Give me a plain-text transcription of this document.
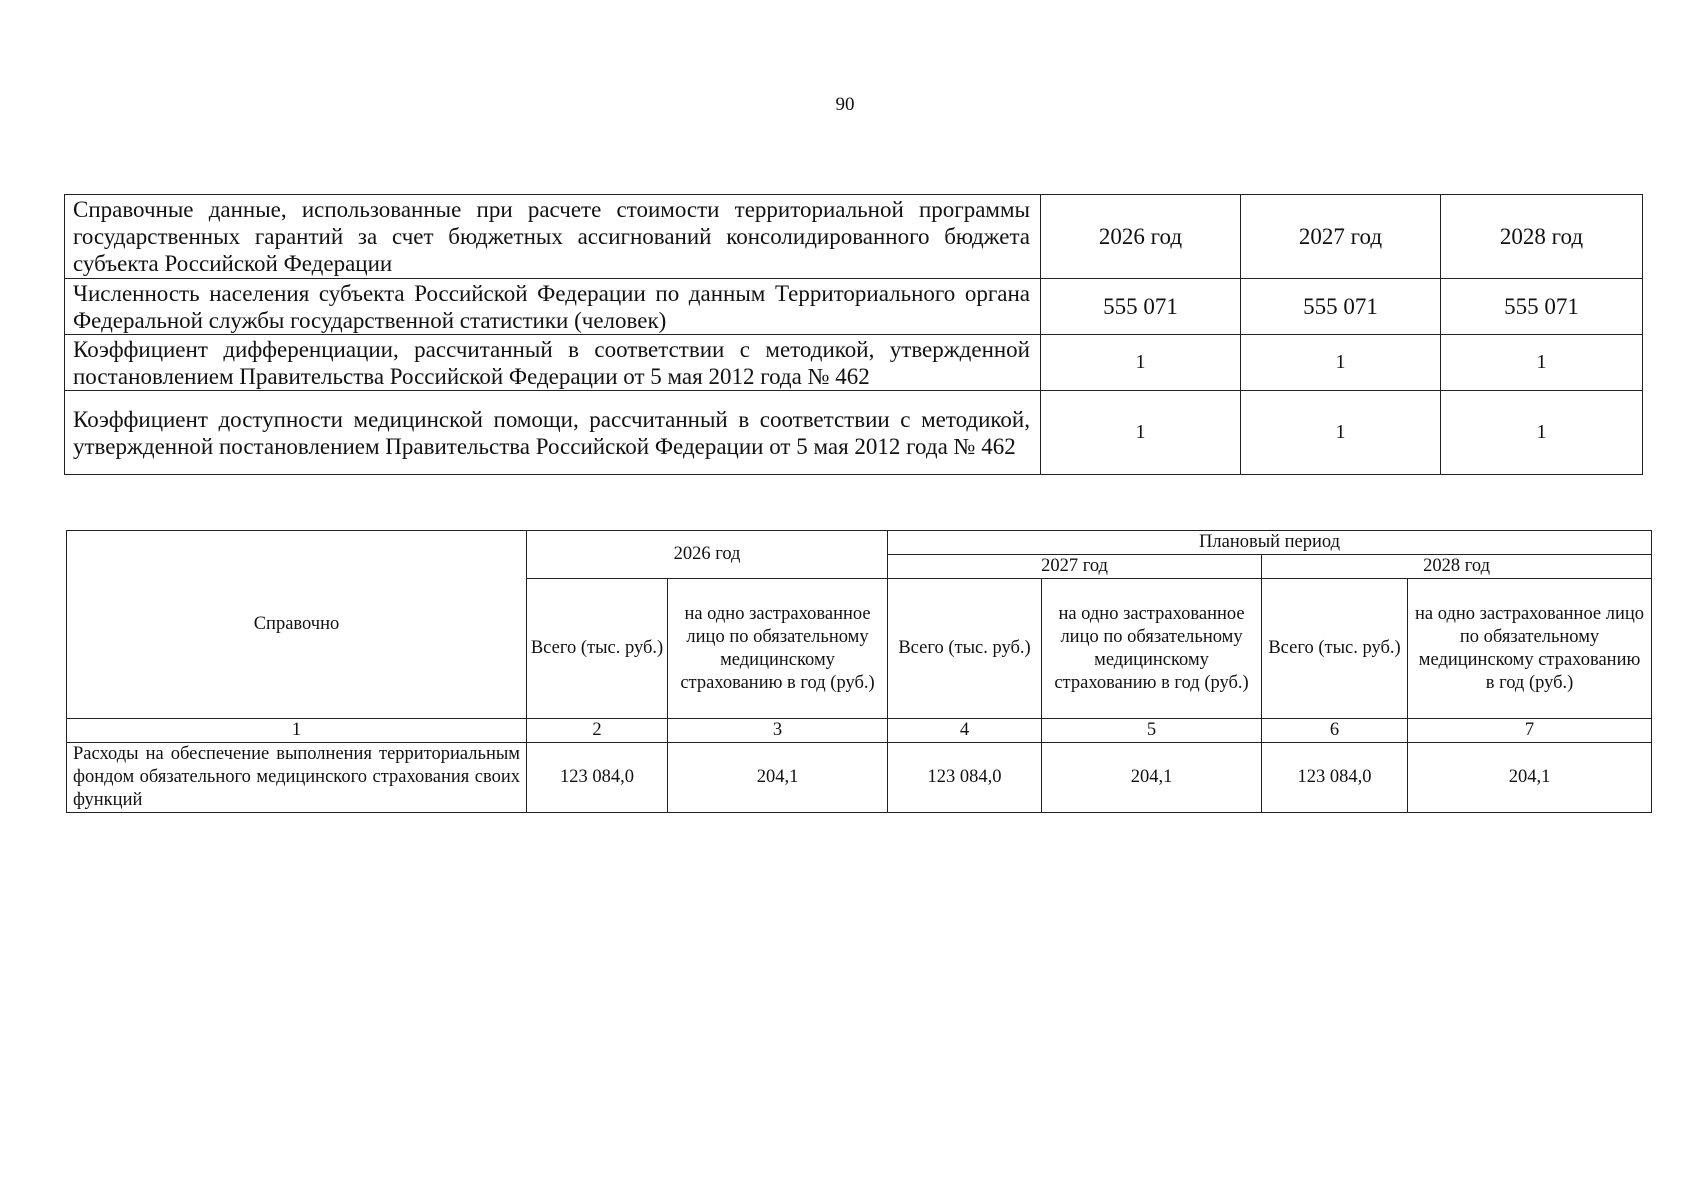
90
Справочные данные, использованные при расчете стоимости территориальной программы государственных гарантий за счет бюджетных ассигнований консолидированного бюджета субъекта Российской Федерации	2026 год	2027 год	2028 год
Численность населения субъекта Российской Федерации по данным Территориального органа Федеральной службы государственной статистики (человек)	555 071	555 071	555 071
Коэффициент дифференциации, рассчитанный в соответствии с методикой, утвержденной постановлением Правительства Российской Федерации от 5 мая 2012 года № 462	1	1	1
Коэффициент доступности медицинской помощи, рассчитанный в соответствии с методикой, утвержденной постановлением Правительства Российской Федерации от 5 мая 2012 года № 462	1	1	1
Справочно	2026 год		Плановый период			
			2027 год		2028 год	
	Всего (тыс. руб.)	на одно застрахованное лицо по обязательному медицинскому страхованию в год (руб.)	Всего (тыс. руб.)	на одно застрахованное лицо по обязательному медицинскому страхованию в год (руб.)	Всего (тыс. руб.)	на одно застрахованное лицо по обязательному медицинскому страхованию в год (руб.)
1	2	3	4	5	6	7
Расходы на обеспечение выполнения территориальным фондом обязательного медицинского страхования своих функций	123 084,0	204,1	123 084,0	204,1	123 084,0	204,1
